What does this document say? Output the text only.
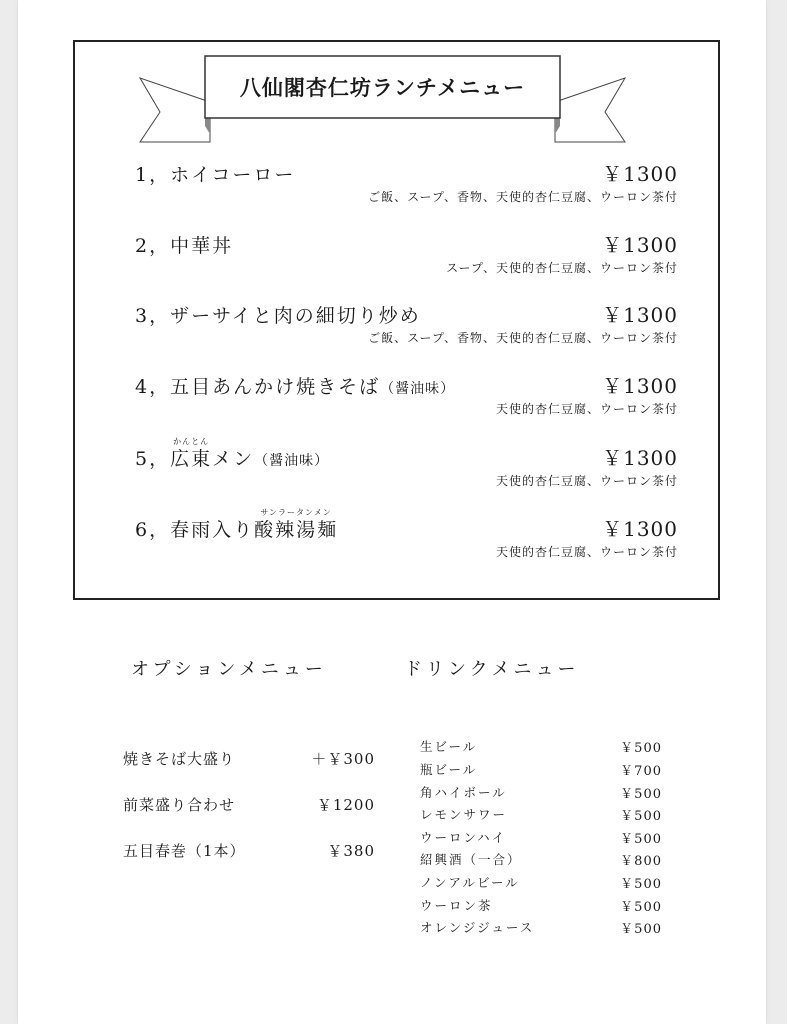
八仙閣杏仁坊ランチメニュー
1，ホイコーロー	￥1300
ご飯、スープ、香物、天使的杏仁豆腐、ウーロン茶付
2，中華丼	￥1300
スープ、天使的杏仁豆腐、ウーロン茶付
3，ザーサイと肉の細切り炒め	￥1300
ご飯、スープ、香物、天使的杏仁豆腐、ウーロン茶付
4，五目あんかけ焼きそば（醤油味）	￥1300
天使的杏仁豆腐、ウーロン茶付
5，
かんとん
広東メン（醤油味）	￥1300
天使的杏仁豆腐、ウーロン茶付
6，春雨入り
サンラータンメン
酸辣湯麺	￥1300
天使的杏仁豆腐、ウーロン茶付
オプションメニュー	ドリンクメニュー
焼きそば大盛り	＋￥300
前菜盛り合わせ	￥1200
五目春巻（1本）	￥380
生ビール	￥500
瓶ビール	￥700
角ハイボール	￥500
レモンサワー	￥500
ウーロンハイ	￥500
紹興酒（一合）	￥800
ノンアルビール	￥500
ウーロン茶	￥500
オレンジジュース	￥500
